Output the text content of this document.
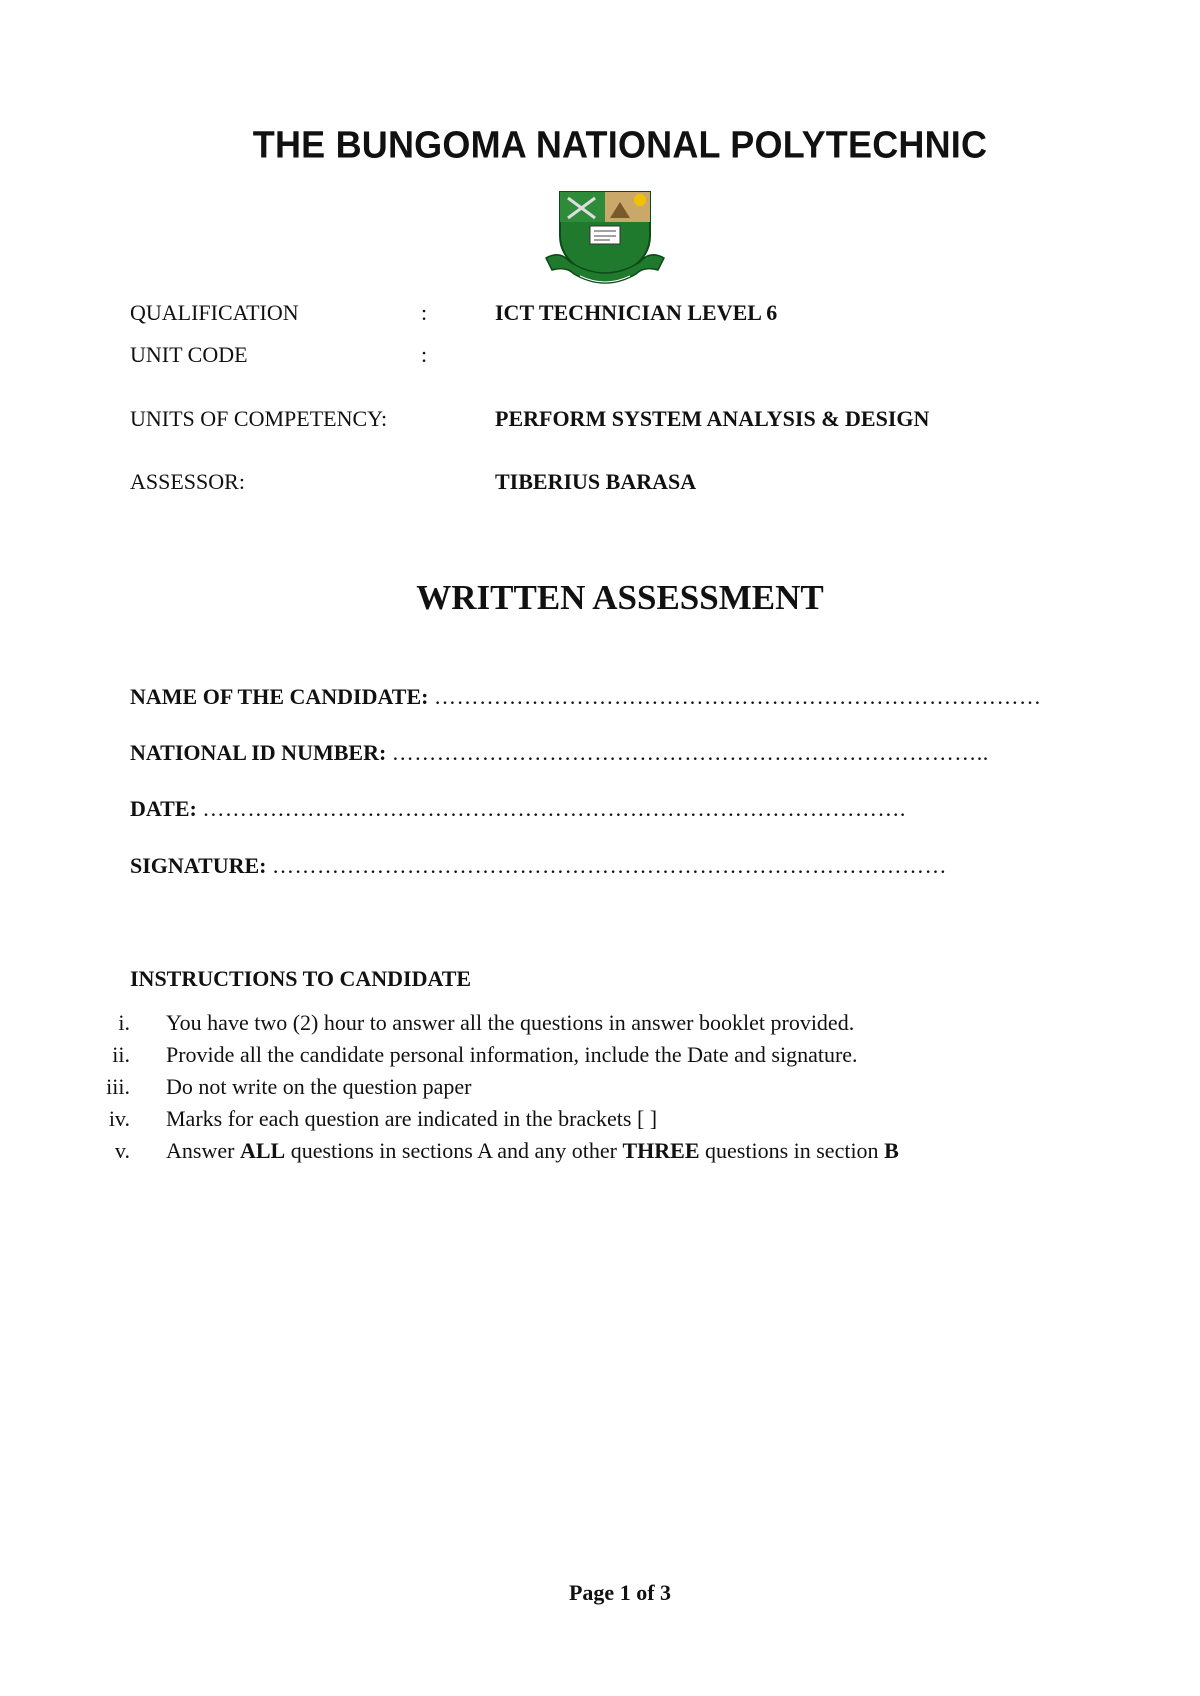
THE BUNGOMA NATIONAL POLYTECHNIC
QUALIFICATION	:	ICT TECHNICIAN LEVEL 6
UNIT CODE	:
UNITS OF COMPETENCY:	PERFORM SYSTEM ANALYSIS & DESIGN
ASSESSOR:	TIBERIUS BARASA
WRITTEN ASSESSMENT
NAME OF THE CANDIDATE: ………………………………………………………………………
NATIONAL ID NUMBER: ……………………………………………………………………..
DATE: ………………………………………………………………………………….
SIGNATURE: ………………………………………………………………………………
INSTRUCTIONS TO CANDIDATE
i. You have two (2) hour to answer all the questions in answer booklet provided.
ii. Provide all the candidate personal information, include the Date and signature.
iii. Do not write on the question paper
iv. Marks for each question are indicated in the brackets [ ]
v. Answer ALL questions in sections A and any other THREE questions in section B
Page 1 of 3
